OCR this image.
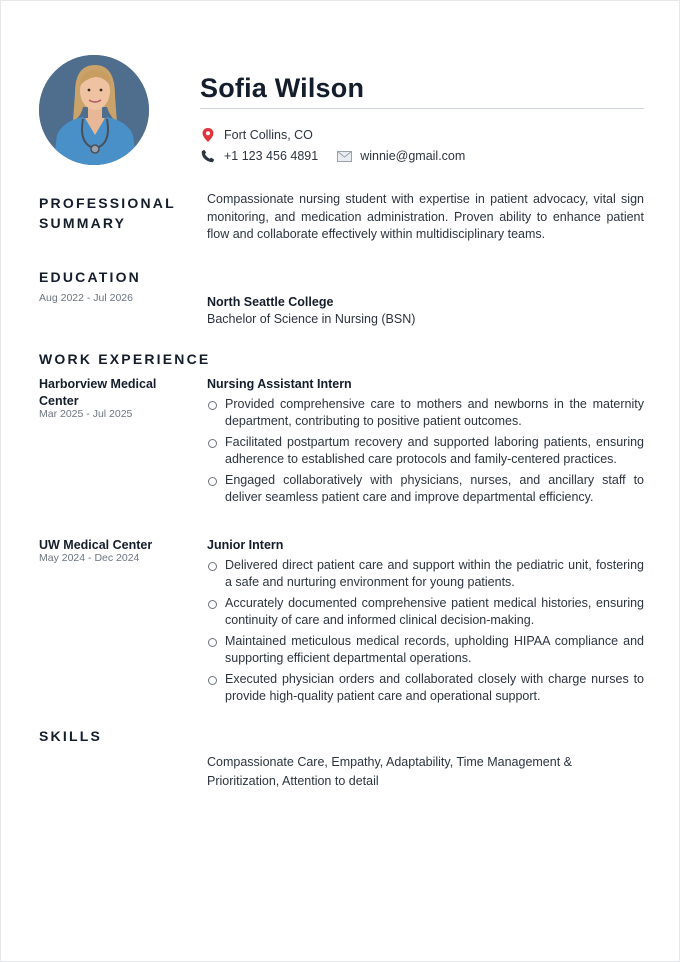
Sofia Wilson
Fort Collins, CO
+1 123 456 4891	winnie@gmail.com
PROFESSIONAL
SUMMARY

Compassionate nursing student with expertise in patient advocacy, vital sign monitoring, and medication administration. Proven ability to enhance patient flow and collaborate effectively within multidisciplinary teams.

EDUCATION
Aug 2022 - Jul 2026	North Seattle College

Bachelor of Science in Nursing (BSN)

WORK EXPERIENCE
Harborview Medical
Center
Mar 2025 - Jul 2025

Nursing Assistant Intern

Provided comprehensive care to mothers and newborns in the maternity department, contributing to positive patient outcomes.
Facilitated postpartum recovery and supported laboring patients, ensuring adherence to established care protocols and family-centered practices.
Engaged collaboratively with physicians, nurses, and ancillary staff to deliver seamless patient care and improve departmental efficiency.
UW Medical Center
May 2024 - Dec 2024

Junior Intern

Delivered direct patient care and support within the pediatric unit, fostering a safe and nurturing environment for young patients.
Accurately documented comprehensive patient medical histories, ensuring continuity of care and informed clinical decision-making.
Maintained meticulous medical records, upholding HIPAA compliance and supporting efficient departmental operations.
Executed physician orders and collaborated closely with charge nurses to provide high-quality patient care and operational support.
SKILLS

Compassionate Care, Empathy, Adaptability, Time Management &

Prioritization, Attention to detail
